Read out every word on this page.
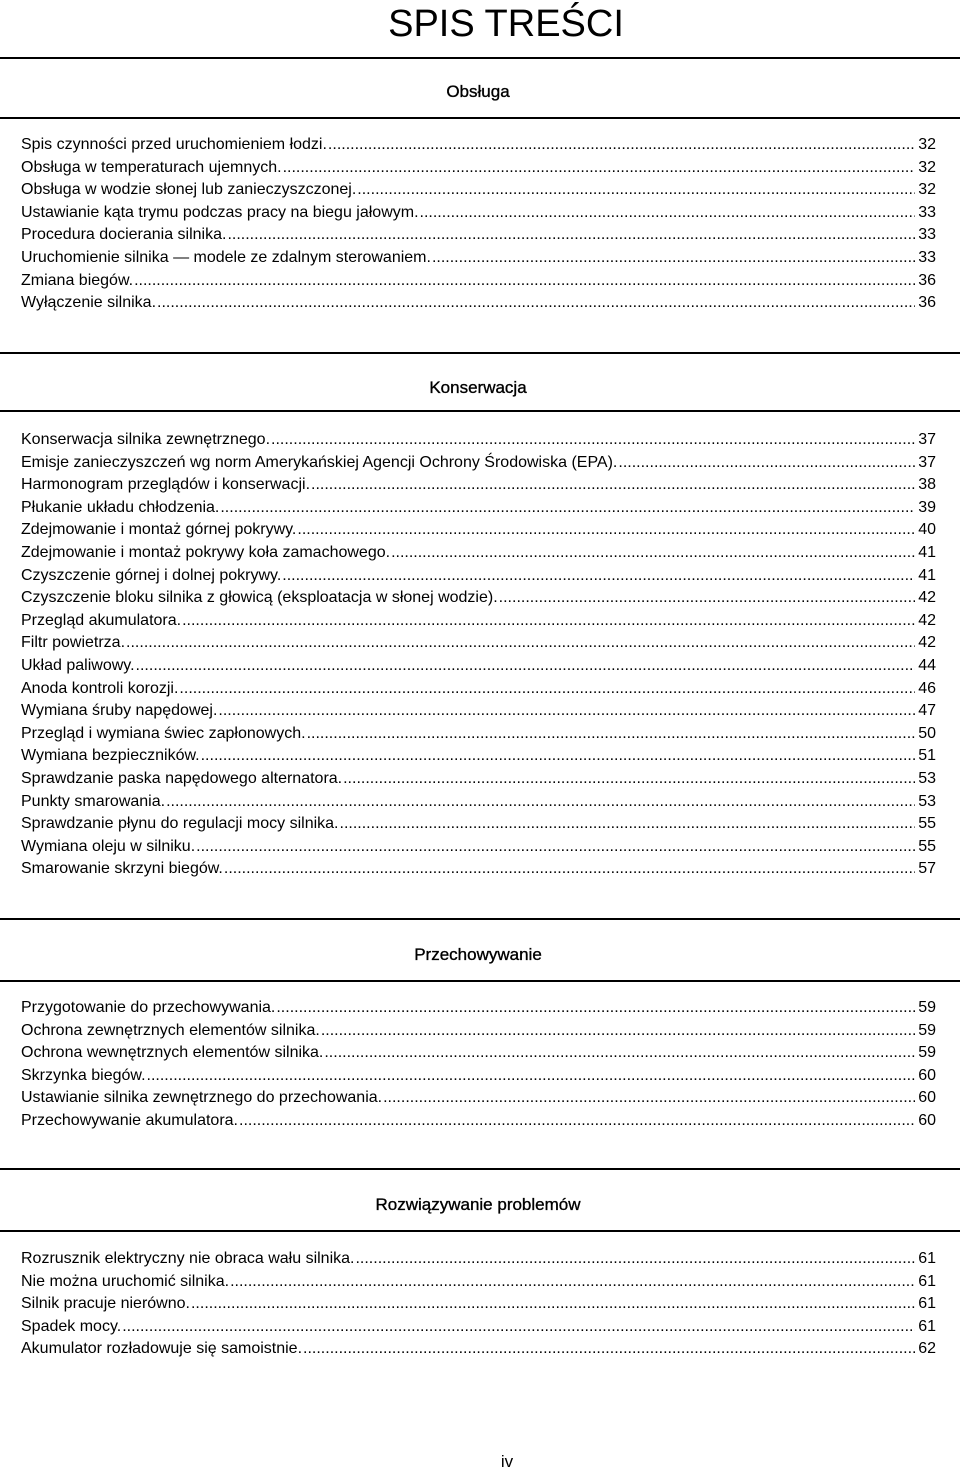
SPIS TREŚCI
Obsługa
Spis czynności przed uruchomieniem łodzi. .....	32
Obsługa w temperaturach ujemnych. .....	32
Obsługa w wodzie słonej lub zanieczyszczonej. .....	32
Ustawianie kąta trymu podczas pracy na biegu jałowym. .....	33
Procedura docierania silnika. .....	33
Uruchomienie silnika — modele ze zdalnym sterowaniem. .....	33
Zmiana biegów. .....	36
Wyłączenie silnika. .....	36
Konserwacja
Konserwacja silnika zewnętrznego. .....	37
Emisje zanieczyszczeń wg norm Amerykańskiej Agencji Ochrony Środowiska (EPA). .....	37
Harmonogram przeglądów i konserwacji. .....	38
Płukanie układu chłodzenia. .....	39
Zdejmowanie i montaż górnej pokrywy. .....	40
Zdejmowanie i montaż pokrywy koła zamachowego. .....	41
Czyszczenie górnej i dolnej pokrywy. .....	41
Czyszczenie bloku silnika z głowicą (eksploatacja w słonej wodzie). .....	42
Przegląd akumulatora. .....	42
Filtr powietrza. .....	42
Układ paliwowy. .....	44
Anoda kontroli korozji. .....	46
Wymiana śruby napędowej. .....	47
Przegląd i wymiana świec zapłonowych. .....	50
Wymiana bezpieczników. .....	51
Sprawdzanie paska napędowego alternatora. .....	53
Punkty smarowania. .....	53
Sprawdzanie płynu do regulacji mocy silnika. .....	55
Wymiana oleju w silniku. .....	55
Smarowanie skrzyni biegów. .....	57
Przechowywanie
Przygotowanie do przechowywania. .....	59
Ochrona zewnętrznych elementów silnika. .....	59
Ochrona wewnętrznych elementów silnika. .....	59
Skrzynka biegów. .....	60
Ustawianie silnika zewnętrznego do przechowania. .....	60
Przechowywanie akumulatora. .....	60
Rozwiązywanie problemów
Rozrusznik elektryczny nie obraca wału silnika. .....	61
Nie można uruchomić silnika. .....	61
Silnik pracuje nierówno. .....	61
Spadek mocy. .....	61
Akumulator rozładowuje się samoistnie. .....	62
iv
